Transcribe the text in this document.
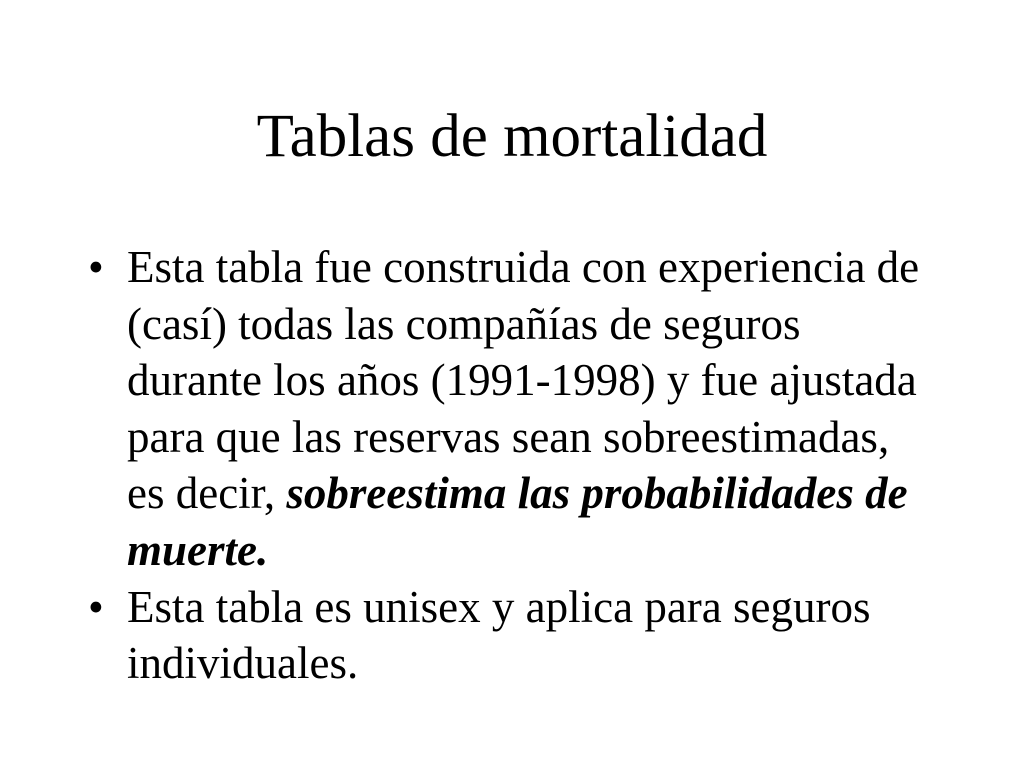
Tablas de mortalidad
• Esta tabla fue construida con experiencia de (casí) todas las compañías de seguros durante los años (1991-1998) y fue ajustada para que las reservas sean sobreestimadas, es decir, sobreestima las probabilidades de muerte.
• Esta tabla es unisex y aplica para seguros individuales.
